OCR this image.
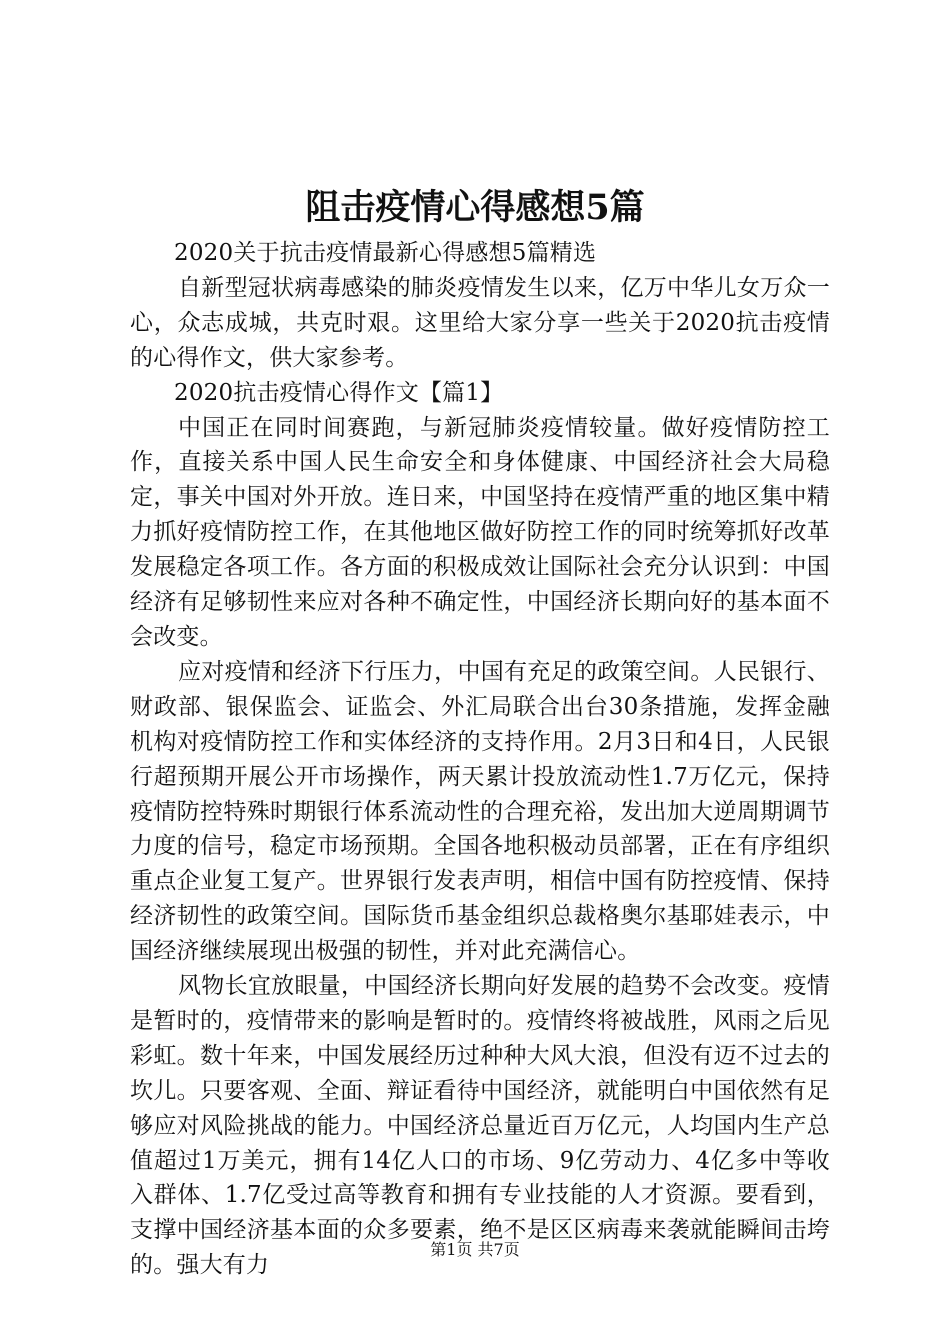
阻击疫情心得感想5篇

2020关于抗击疫情最新心得感想5篇精选

自新型冠状病毒感染的肺炎疫情发生以来，亿万中华儿女万众一心，众志成城，共克时艰。这里给大家分享一些关于2020抗击疫情的心得作文，供大家参考。

2020抗击疫情心得作文【篇1】

中国正在同时间赛跑，与新冠肺炎疫情较量。做好疫情防控工作，直接关系中国人民生命安全和身体健康、中国经济社会大局稳定，事关中国对外开放。连日来，中国坚持在疫情严重的地区集中精力抓好疫情防控工作，在其他地区做好防控工作的同时统筹抓好改革发展稳定各项工作。各方面的积极成效让国际社会充分认识到：中国经济有足够韧性来应对各种不确定性，中国经济长期向好的基本面不会改变。

应对疫情和经济下行压力，中国有充足的政策空间。人民银行、财政部、银保监会、证监会、外汇局联合出台30条措施，发挥金融机构对疫情防控工作和实体经济的支持作用。2月3日和4日，人民银行超预期开展公开市场操作，两天累计投放流动性1.7万亿元，保持疫情防控特殊时期银行体系流动性的合理充裕，发出加大逆周期调节力度的信号，稳定市场预期。全国各地积极动员部署，正在有序组织重点企业复工复产。世界银行发表声明，相信中国有防控疫情、保持经济韧性的政策空间。国际货币基金组织总裁格奥尔基耶娃表示，中国经济继续展现出极强的韧性，并对此充满信心。

风物长宜放眼量，中国经济长期向好发展的趋势不会改变。疫情是暂时的，疫情带来的影响是暂时的。疫情终将被战胜，风雨之后见彩虹。数十年来，中国发展经历过种种大风大浪，但没有迈不过去的坎儿。只要客观、全面、辩证看待中国经济，就能明白中国依然有足够应对风险挑战的能力。中国经济总量近百万亿元，人均国内生产总值超过1万美元，拥有14亿人口的市场、9亿劳动力、4亿多中等收入群体、1.7亿受过高等教育和拥有专业技能的人才资源。要看到，支撑中国经济基本面的众多要素，绝不是区区病毒来袭就能瞬间击垮的。强大有力

第1页 共7页
